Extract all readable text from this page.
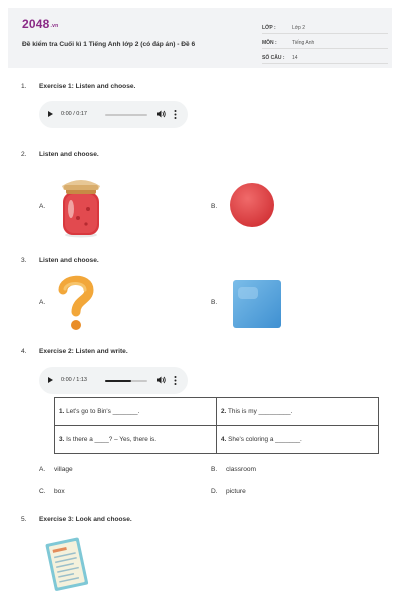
2048.vn
Đề kiểm tra Cuối kì 1 Tiếng Anh lớp 2 (có đáp án) - Đề 6
LỚP :	Lớp 2
MÔN :	Tiếng Anh
SỐ CÂU : 14
1. Exercise 1: Listen and choose.
0:00 / 0:17
2. Listen and choose.
A.	B.
3. Listen and choose.
A.	B.
4. Exercise 2: Listen and write.
0:00 / 1:13
1. Let's go to Bin's _______.	2. This is my _________.
3. Is there a ____? – Yes, there is.	4. She's coloring a _______.
A. village	B. classroom
C. box	D. picture
5. Exercise 3: Look and choose.
